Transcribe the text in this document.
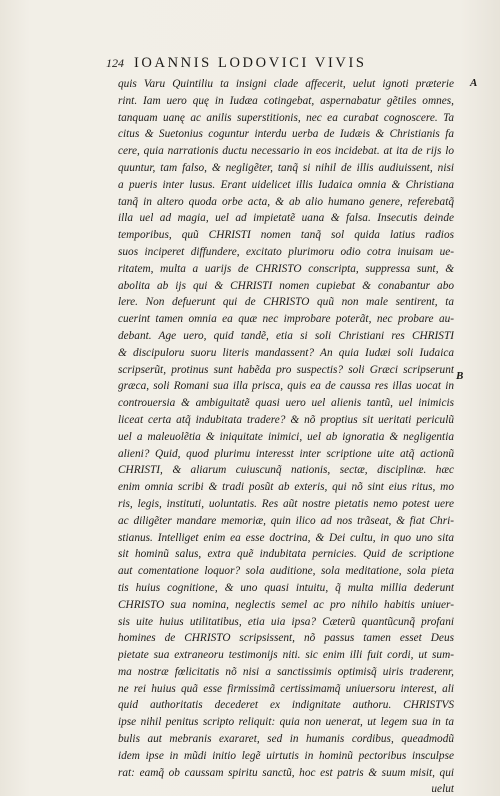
124 IOANNIS LODOVICI VIVIS
A
B
quis Varu Quintiliu ta insigni clade affecerit, uelut ignoti præterie
rint. Iam uero quę in Iudæa cotingebat, aspernabatur gẽtiles omnes,
tanquam uanę ac anilis superstitionis, nec ea curabat cognoscere. Ta
citus & Suetonius coguntur interdu uerba de Iudæis & Christianis fa
cere, quia narrationis ductu necessario in eos incidebat. at ita de rijs lo
quuntur, tam falso, & negligẽter, tanq̃ si nihil de illis audiuissent, nisi
a pueris inter lusus. Erant uidelicet illis Iudaica omnia & Christiana
tanq̃ in altero quoda orbe acta, & ab alio humano genere, referebatq̃
illa uel ad magia, uel ad impietatẽ uana & falsa. Insecutis deinde
temporibus, quũ CHRISTI nomen tanq̃ sol quida latius radios
suos inciperet diffundere, excitato plurimoru odio cotra inuisam ue-
ritatem, multa a uarijs de CHRISTO conscripta, suppressa sunt, &
abolita ab ijs qui & CHRISTI nomen cupiebat & conabantur abo
lere. Non defuerunt qui de CHRISTO quũ non male sentirent, ta
cuerint tamen omnia ea quæ nec improbare poterãt, nec probare au-
debant. Age uero, quid tandẽ, etia si soli Christiani res CHRISTI
& discipuloru suoru literis mandassent? An quia Iudæi soli Iudaica
scripserũt, protinus sunt habẽda pro suspectis? soli Græci scripserunt
græca, soli Romani sua illa prisca, quis ea de caussa res illas uocat in
controuersia & ambiguitatẽ quasi uero uel alienis tantũ, uel inimicis
liceat certa atq̃ indubitata tradere? & nõ proptius sit ueritati periculũ
uel a maleuolẽtia & iniquitate inimici, uel ab ignoratia & negligentia
alieni? Quid, quod plurimu interesst inter scriptione uite atq̃ actionũ
CHRISTI, & aliarum cuiuscunq̃ nationis, sectæ, disciplinæ. hæc
enim omnia scribi & tradi posũt ab exteris, qui nõ sint eius ritus, mo
ris, legis, instituti, uoluntatis. Res aũt nostre pietatis nemo potest uere
ac diligẽter mandare memoriæ, quin ilico ad nos trãseat, & fiat Chri-
stianus. Intelliget enim ea esse doctrina, & Dei cultu, in quo uno sita
sit hominũ salus, extra quẽ indubitata pernicies. Quid de scriptione
aut comentatione loquor? sola auditione, sola meditatione, sola pieta
tis huius cognitione, & uno quasi intuitu, q̃ multa millia dederunt
CHRISTO sua nomina, neglectis semel ac pro nihilo habitis uniuer-
sis uite huius utilitatibus, etia uia ipsa? Cæterũ quantũcunq̃ profani
homines de CHRISTO scripsissent, nõ passus tamen esset Deus
pietate sua extraneoru testimonijs niti. sic enim illi fuit cordi, ut sum-
ma nostræ fœlicitatis nõ nisi a sanctissimis optimisq̃ uiris traderenr,
ne rei huius quã esse firmissimã certissimamq̃ uniuersoru interest, ali
quid authoritatis decederet ex indignitate authoru. CHRISTVS
ipse nihil penitus scripto reliquit: quia non uenerat, ut legem sua in ta
bulis aut mebranis exararet, sed in humanis cordibus, queadmodũ
idem ipse in mũdi initio legẽ uirtutis in hominũ pectoribus insculpse
rat: eamq̃ ob caussam spiritu sanctũ, hoc est patris & suum misit, qui
uelut
